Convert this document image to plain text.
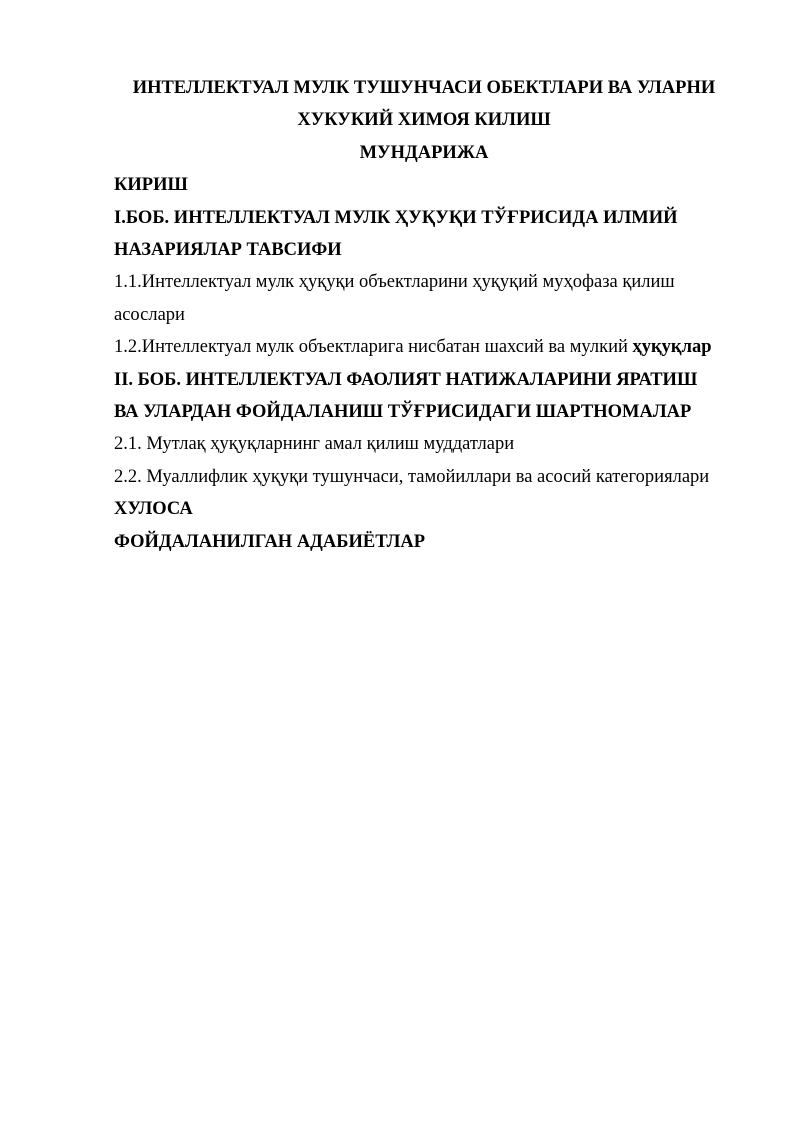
ИНТЕЛЛЕКТУАЛ МУЛК ТУШУНЧАСИ ОБЕКТЛАРИ ВА УЛАРНИ

ХУКУКИЙ ХИМОЯ КИЛИШ

МУНДАРИЖА

КИРИШ

I.БОБ. ИНТЕЛЛЕКТУАЛ МУЛК ҲУҚУҚИ ТЎҒРИСИДА ИЛМИЙ

НАЗАРИЯЛАР ТАВСИФИ

1.1.Интеллектуал мулк ҳуқуқи объектларини ҳуқуқий муҳофаза қилиш

асослари

1.2.Интеллектуал мулк объектларига нисбатан шахсий ва мулкий ҳуқуқлар

II. БОБ. ИНТЕЛЛЕКТУАЛ ФАОЛИЯТ НАТИЖАЛАРИНИ ЯРАТИШ

ВА УЛАРДАН ФОЙДАЛАНИШ ТЎҒРИСИДАГИ ШАРТНОМАЛАР

2.1. Мутлақ ҳуқуқларнинг амал қилиш муддатлари

2.2. Муаллифлик ҳуқуқи тушунчаси, тамойиллари ва асосий категориялари

ХУЛОСА

ФОЙДАЛАНИЛГАН АДАБИЁТЛАР
